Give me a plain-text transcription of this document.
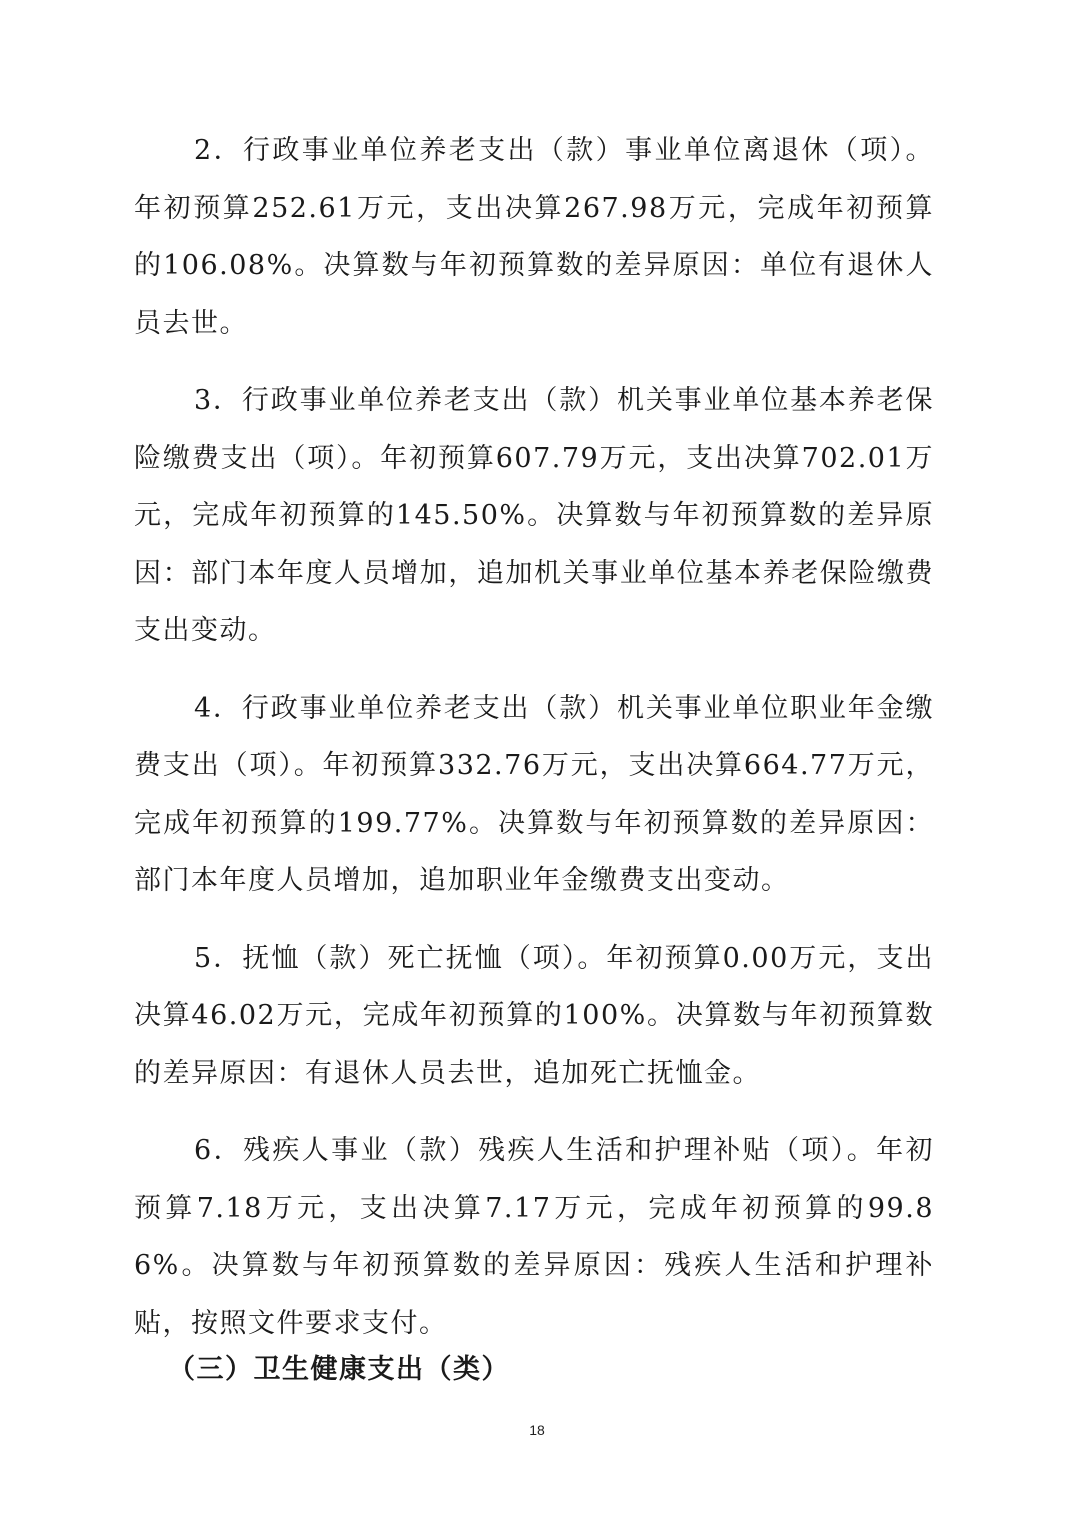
2．行政事业单位养老支出（款）事业单位离退休（项）。年初预算252.61万元，支出决算267.98万元，完成年初预算的106.08%。决算数与年初预算数的差异原因：单位有退休人员去世。

3．行政事业单位养老支出（款）机关事业单位基本养老保险缴费支出（项）。年初预算607.79万元，支出决算702.01万元，完成年初预算的145.50%。决算数与年初预算数的差异原因：部门本年度人员增加，追加机关事业单位基本养老保险缴费支出变动。

4．行政事业单位养老支出（款）机关事业单位职业年金缴费支出（项）。年初预算332.76万元，支出决算664.77万元，完成年初预算的199.77%。决算数与年初预算数的差异原因：部门本年度人员增加，追加职业年金缴费支出变动。

5．抚恤（款）死亡抚恤（项）。年初预算0.00万元，支出决算46.02万元，完成年初预算的100%。决算数与年初预算数的差异原因：有退休人员去世，追加死亡抚恤金。

6．残疾人事业（款）残疾人生活和护理补贴（项）。年初预算7.18万元，支出决算7.17万元，完成年初预算的99.86%。决算数与年初预算数的差异原因：残疾人生活和护理补贴，按照文件要求支付。

（三）卫生健康支出（类）
18
